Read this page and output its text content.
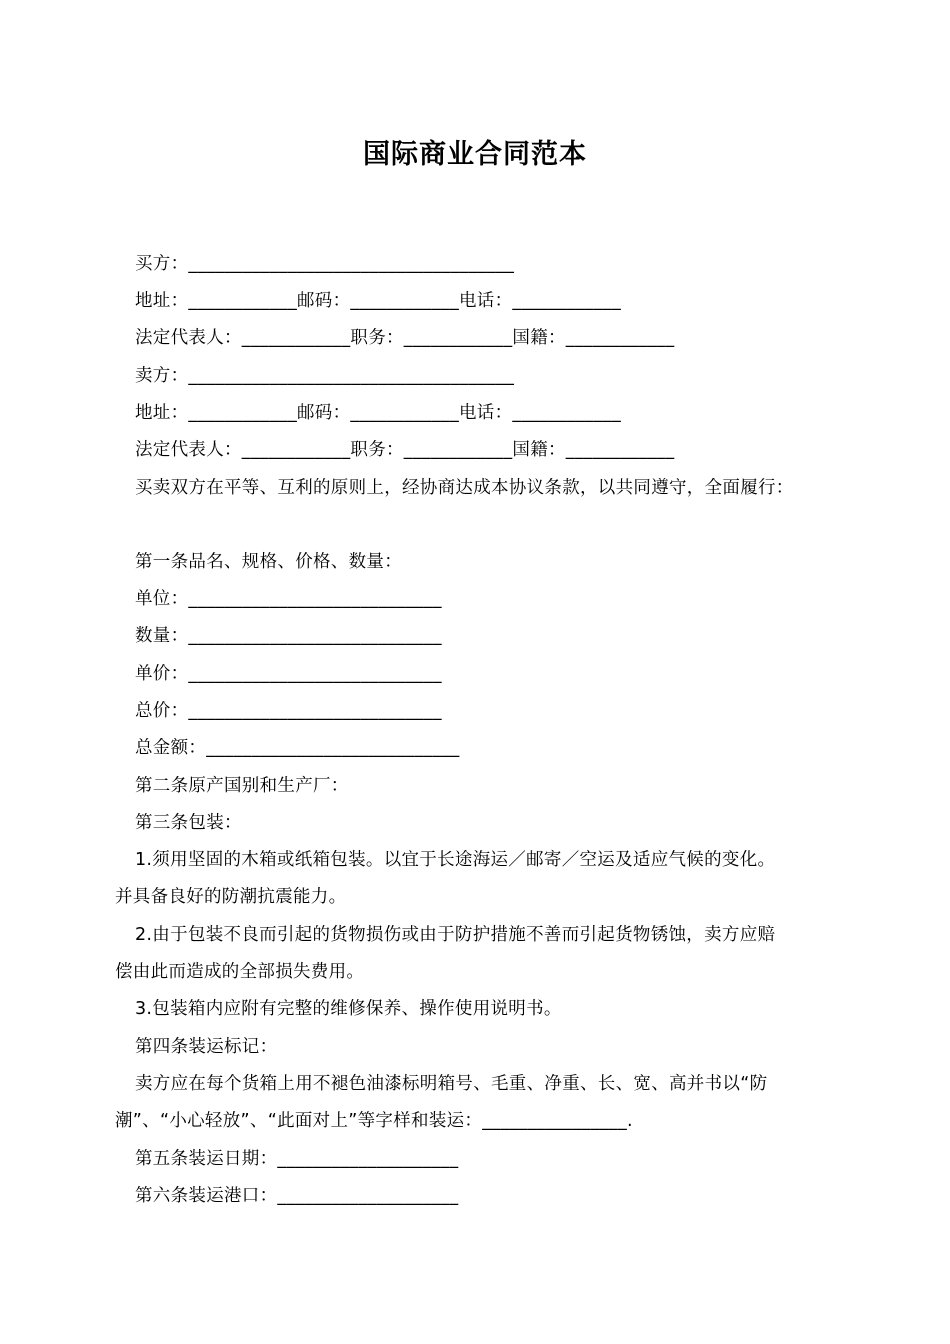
国际商业合同范本
买方：____________________________________
地址：____________邮码：____________电话：____________
法定代表人：____________职务：____________国籍：____________
卖方：____________________________________
地址：____________邮码：____________电话：____________
法定代表人：____________职务：____________国籍：____________
买卖双方在平等、互利的原则上，经协商达成本协议条款，以共同遵守，全面履行：
第一条品名、规格、价格、数量：
单位：____________________________
数量：____________________________
单价：____________________________
总价：____________________________
总金额：____________________________
第二条原产国别和生产厂：
第三条包装：
1.须用坚固的木箱或纸箱包装。以宜于长途海运／邮寄／空运及适应气候的变化。
并具备良好的防潮抗震能力。
2.由于包装不良而引起的货物损伤或由于防护措施不善而引起货物锈蚀，卖方应赔
偿由此而造成的全部损失费用。
3.包装箱内应附有完整的维修保养、操作使用说明书。
第四条装运标记：
卖方应在每个货箱上用不褪色油漆标明箱号、毛重、净重、长、宽、高并书以“防
潮”、“小心轻放”、“此面对上”等字样和装运：________________.
第五条装运日期：____________________
第六条装运港口：____________________
